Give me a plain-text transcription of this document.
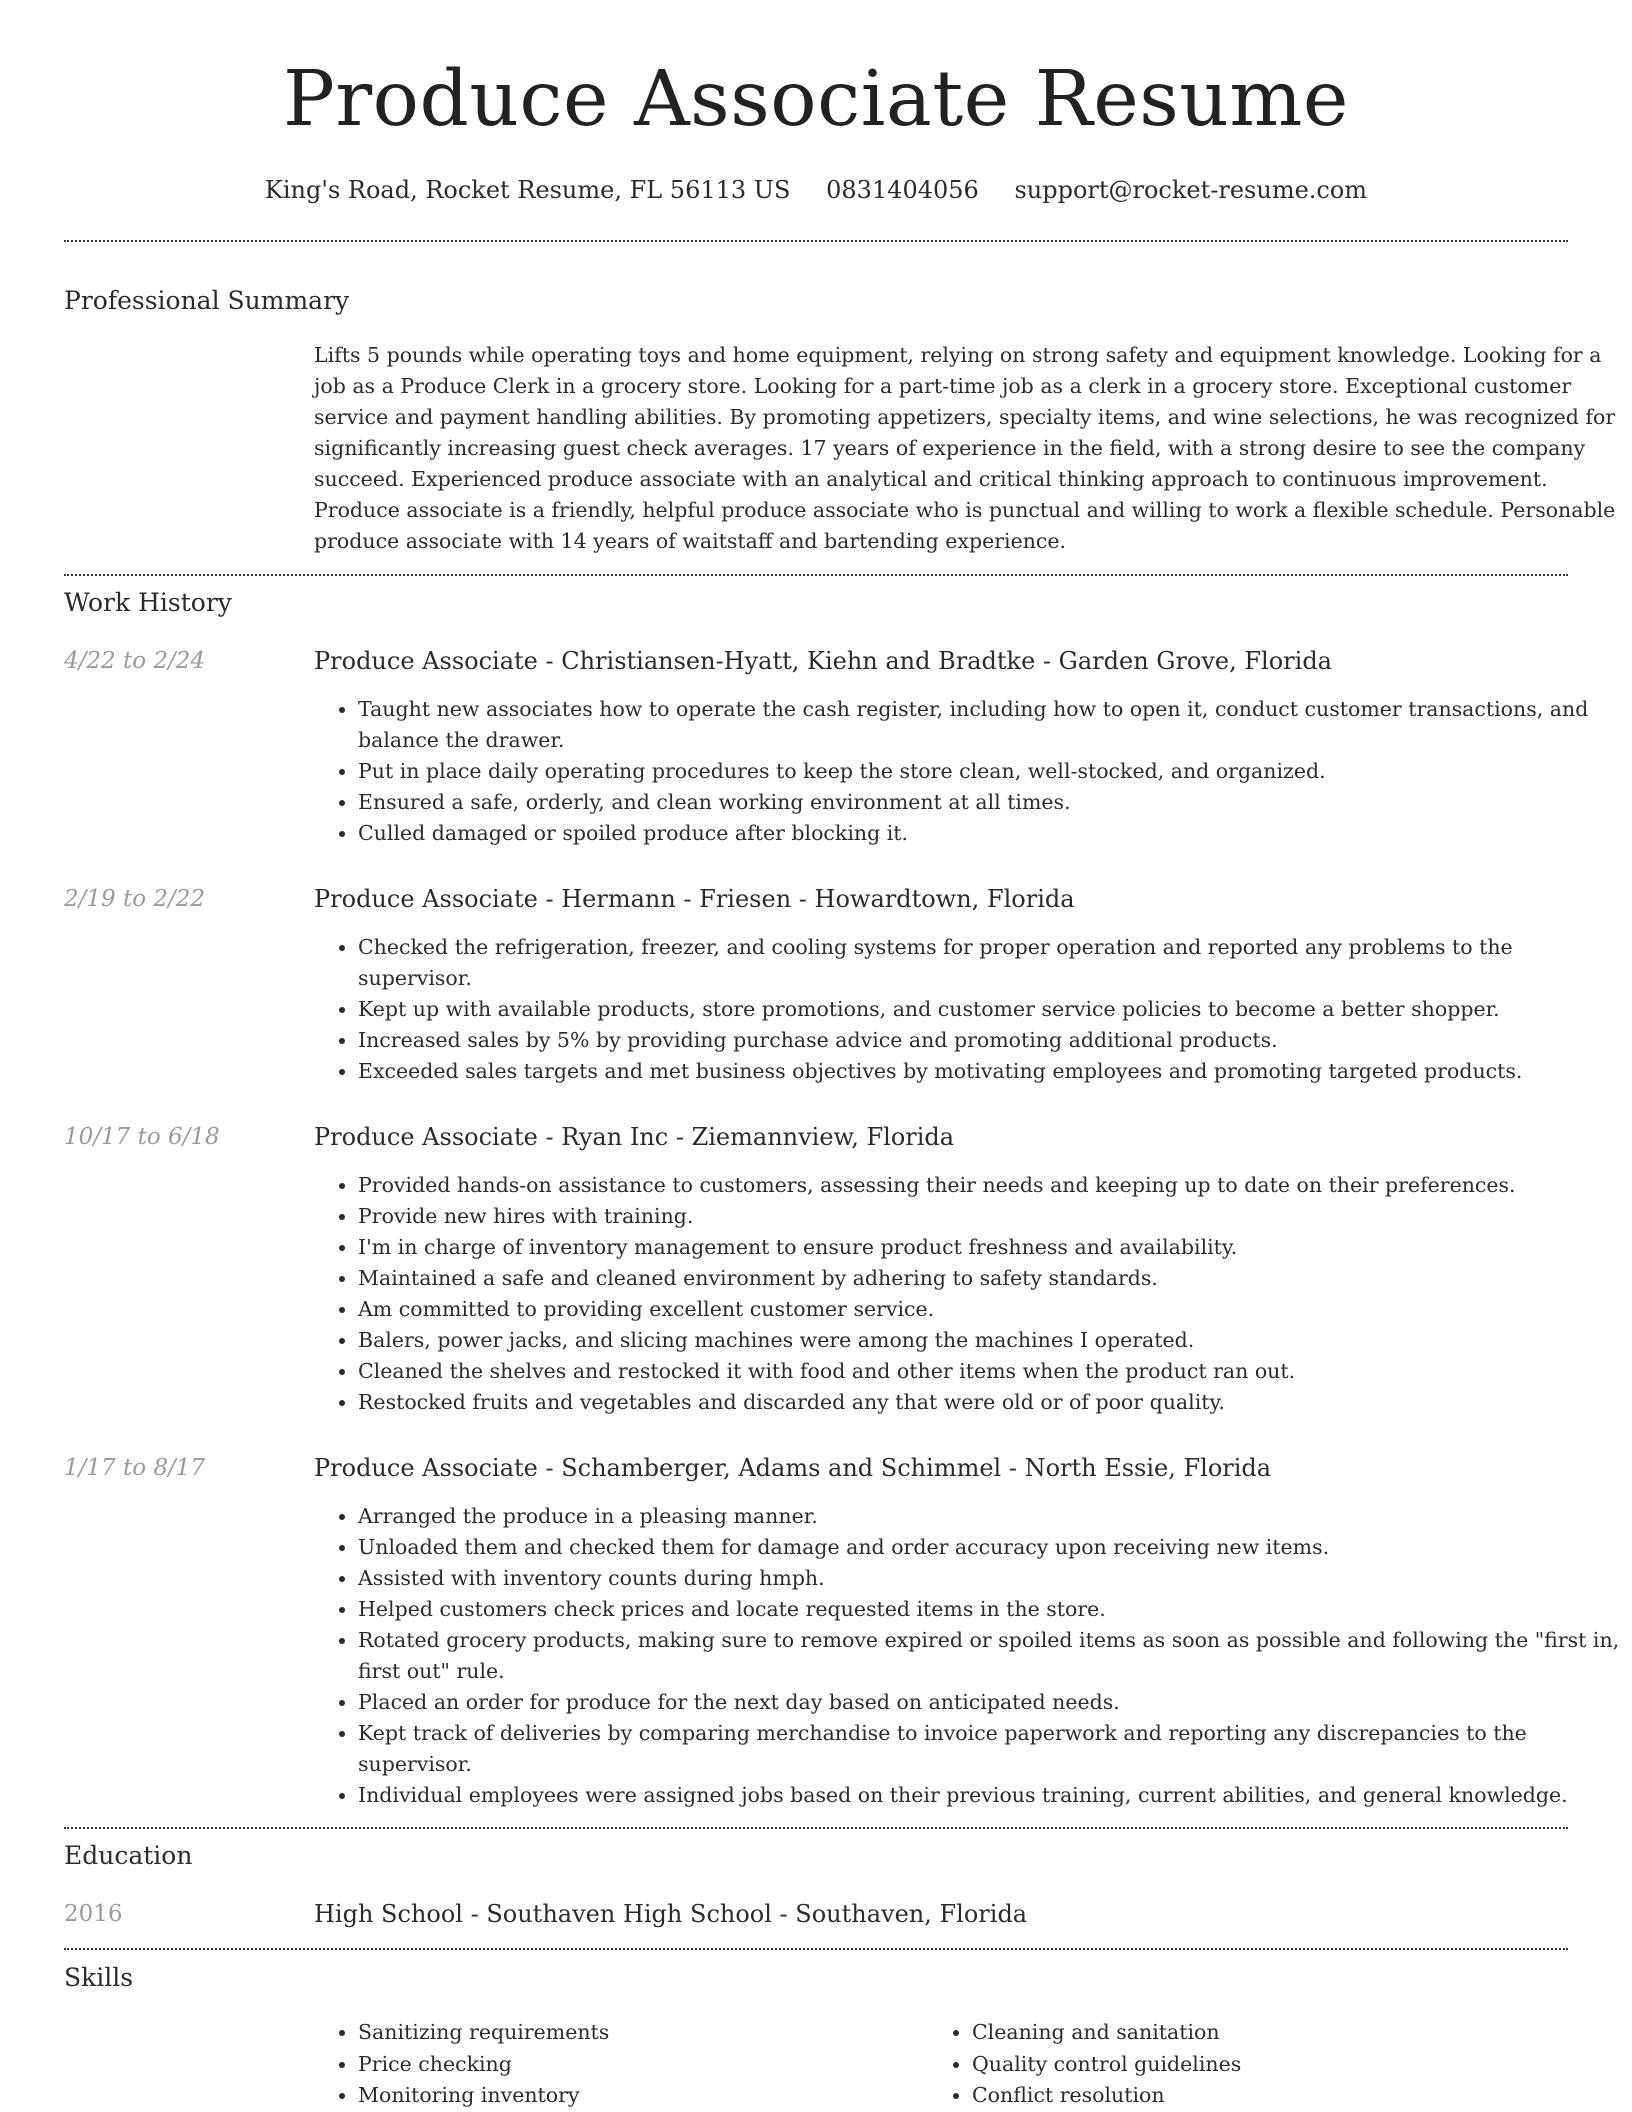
Produce Associate Resume
King's Road, Rocket Resume, FL 56113 US 0831404056 support@rocket-resume.com
Professional Summary
Lifts 5 pounds while operating toys and home equipment, relying on strong safety and equipment knowledge. Looking for a job as a Produce Clerk in a grocery store. Looking for a part-time job as a clerk in a grocery store. Exceptional customer service and payment handling abilities. By promoting appetizers, specialty items, and wine selections, he was recognized for significantly increasing guest check averages. 17 years of experience in the field, with a strong desire to see the company succeed. Experienced produce associate with an analytical and critical thinking approach to continuous improvement. Produce associate is a friendly, helpful produce associate who is punctual and willing to work a flexible schedule. Personable produce associate with 14 years of waitstaff and bartending experience.
Work History
4/22 to 2/24	Produce Associate - Christiansen-Hyatt, Kiehn and Bradtke - Garden Grove, Florida
• Taught new associates how to operate the cash register, including how to open it, conduct customer transactions, and balance the drawer.
• Put in place daily operating procedures to keep the store clean, well-stocked, and organized.
• Ensured a safe, orderly, and clean working environment at all times.
• Culled damaged or spoiled produce after blocking it.
2/19 to 2/22	Produce Associate - Hermann - Friesen - Howardtown, Florida
• Checked the refrigeration, freezer, and cooling systems for proper operation and reported any problems to the supervisor.
• Kept up with available products, store promotions, and customer service policies to become a better shopper.
• Increased sales by 5% by providing purchase advice and promoting additional products.
• Exceeded sales targets and met business objectives by motivating employees and promoting targeted products.
10/17 to 6/18	Produce Associate - Ryan Inc - Ziemannview, Florida
• Provided hands-on assistance to customers, assessing their needs and keeping up to date on their preferences.
• Provide new hires with training.
• I'm in charge of inventory management to ensure product freshness and availability.
• Maintained a safe and cleaned environment by adhering to safety standards.
• Am committed to providing excellent customer service.
• Balers, power jacks, and slicing machines were among the machines I operated.
• Cleaned the shelves and restocked it with food and other items when the product ran out.
• Restocked fruits and vegetables and discarded any that were old or of poor quality.
1/17 to 8/17	Produce Associate - Schamberger, Adams and Schimmel - North Essie, Florida
• Arranged the produce in a pleasing manner.
• Unloaded them and checked them for damage and order accuracy upon receiving new items.
• Assisted with inventory counts during hmph.
• Helped customers check prices and locate requested items in the store.
• Rotated grocery products, making sure to remove expired or spoiled items as soon as possible and following the "first in, first out" rule.
• Placed an order for produce for the next day based on anticipated needs.
• Kept track of deliveries by comparing merchandise to invoice paperwork and reporting any discrepancies to the supervisor.
• Individual employees were assigned jobs based on their previous training, current abilities, and general knowledge.
Education
2016	High School - Southaven High School - Southaven, Florida
Skills
• Sanitizing requirements
• Price checking
• Monitoring inventory
• Cleaning and sanitation
• Quality control guidelines
• Conflict resolution
